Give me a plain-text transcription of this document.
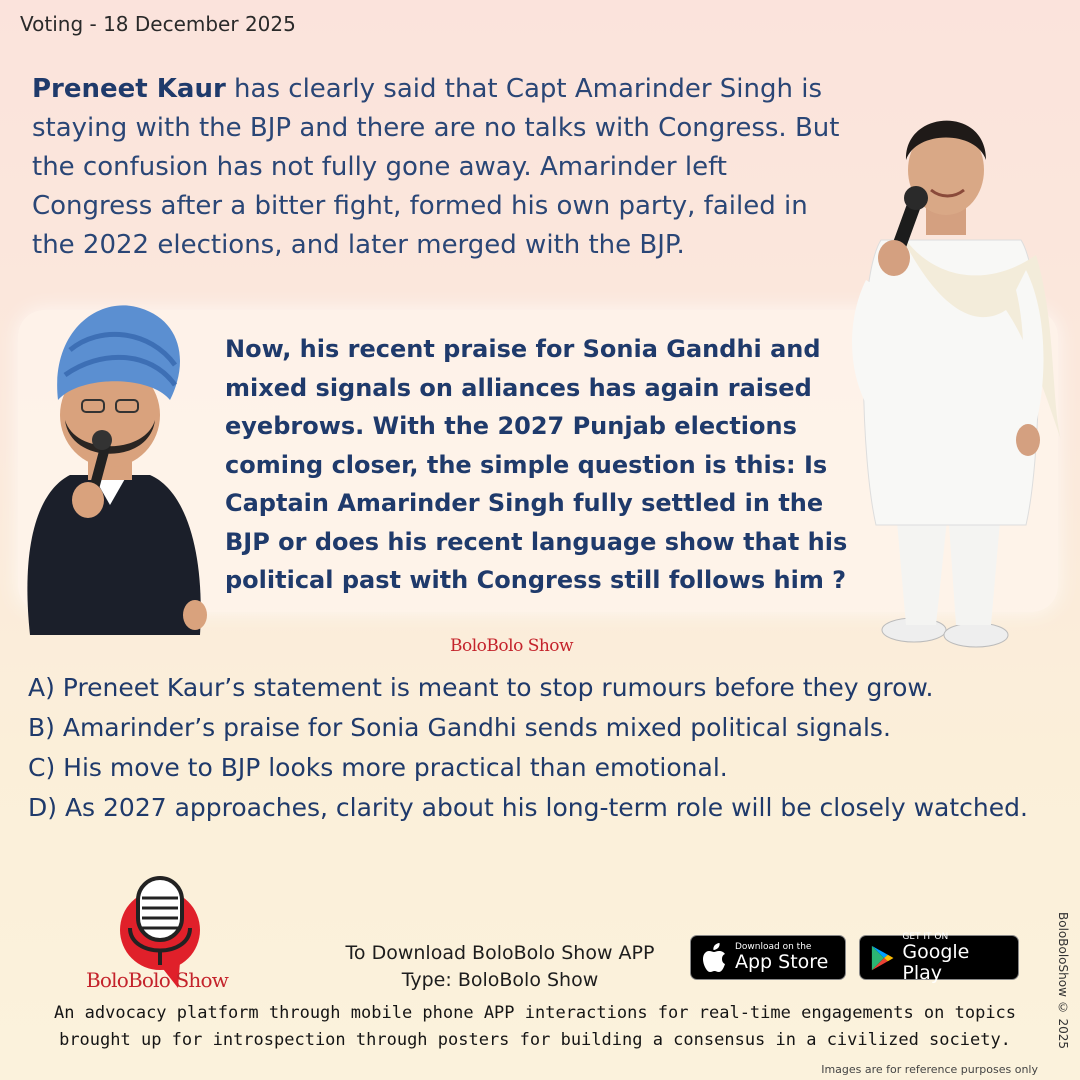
Voting - 18 December 2025
Preneet Kaur has clearly said that Capt Amarinder Singh is staying with the BJP and there are no talks with Congress. But the confusion has not fully gone away. Amarinder left Congress after a bitter fight, formed his own party, failed in the 2022 elections, and later merged with the BJP.
Now, his recent praise for Sonia Gandhi and mixed signals on alliances has again raised eyebrows. With the 2027 Punjab elections coming closer, the simple question is this: Is Captain Amarinder Singh fully settled in the BJP or does his recent language show that his political past with Congress still follows him ?
BoloBolo Show
A) Preneet Kaur’s statement is meant to stop rumours before they grow.
B) Amarinder’s praise for Sonia Gandhi sends mixed political signals.
C) His move to BJP looks more practical than emotional.
D) As 2027 approaches, clarity about his long-term role will be closely watched.
BoloBolo Show
To Download BoloBolo Show APP
Type: BoloBolo Show
Download on the
App Store
GET IT ON
Google Play
An advocacy platform through mobile phone APP interactions for real-time engagements on topics brought up for introspection through posters for building a consensus in a civilized society.	BoloBoloShow © 2025
Images are for reference purposes only
